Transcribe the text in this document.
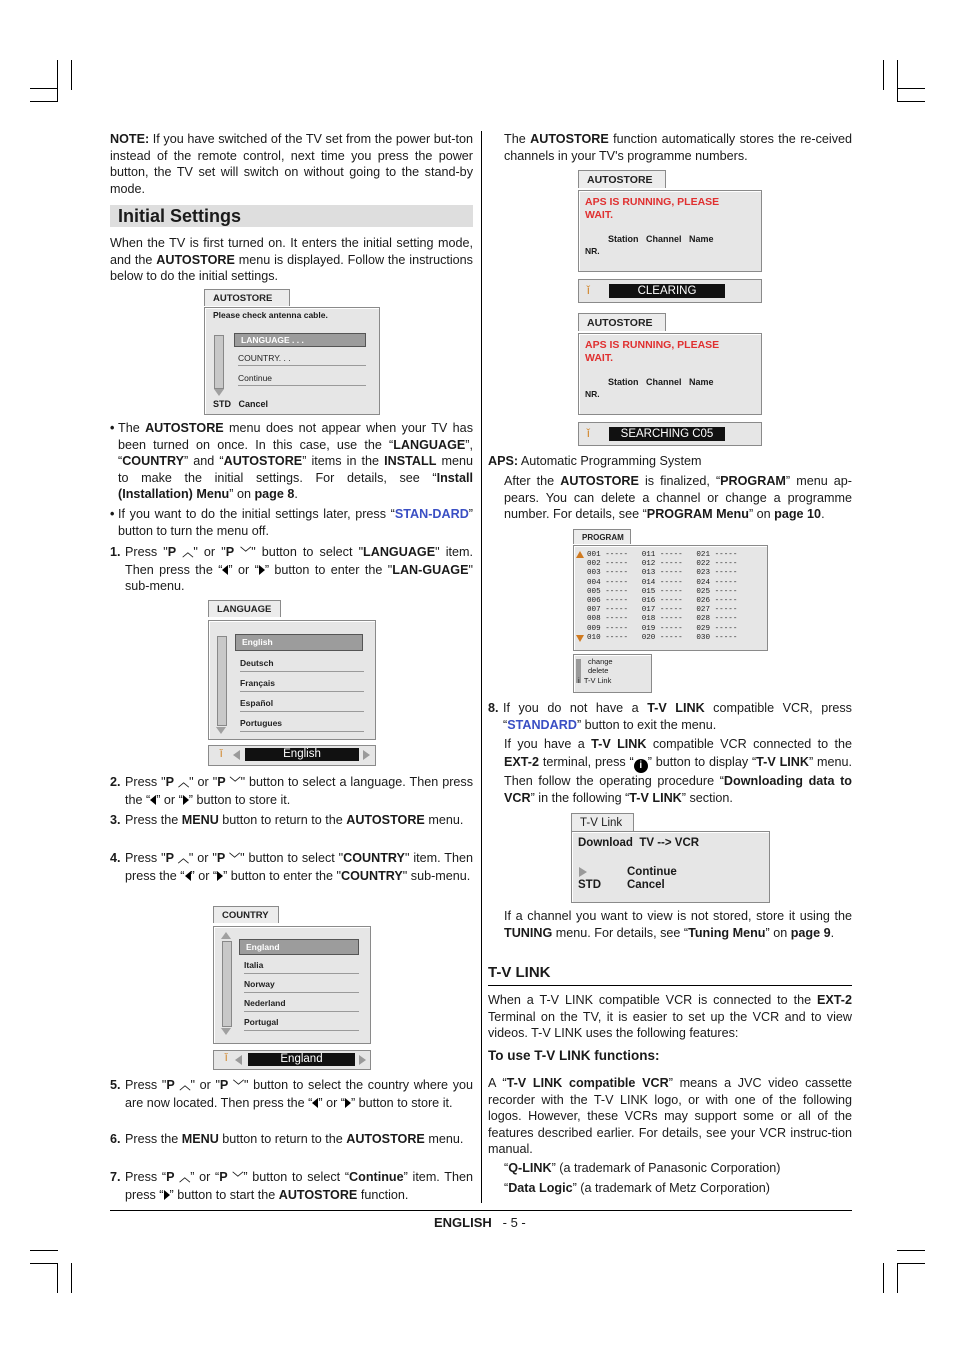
NOTE: If you have switched of the TV set from the power but-ton instead of the remote control, next time you press the power button, the TV set will switch on without going to the stand-by mode.
Initial Settings
When the TV is first turned on. It enters the initial setting mode, and the AUTOSTORE menu is displayed. Follow the instructions below to do the initial settings.
AUTOSTORE
Please check antenna cable.
LANGUAGE . . .
COUNTRY. . .
Continue
STD Cancel
• The AUTOSTORE menu does not appear when your TV has been turned on once. In this case, use the “LANGUAGE”, “COUNTRY” and “AUTOSTORE” items in the INSTALL menu to make the initial settings. For details, see “Install (Installation) Menu” on page 8.
• If you want to do the initial settings later, press “STAN-DARD” button to turn the menu off.
1. Press "P ︿" or "P ﹀" button to select "LANGUAGE" item. Then press the “ ” or “ ” button to enter the "LAN-GUAGE" sub-menu.
LANGUAGE
English
Deutsch
Français
Español
Portugues
ǐ	English
2. Press "P ︿" or "P ﹀" button to select a language. Then press the “ ” or “ ” button to store it.
3. Press the MENU button to return to the AUTOSTORE menu.
4. Press "P ︿" or "P ﹀" button to select "COUNTRY" item. Then press the “ ” or “ ” button to enter the "COUNTRY" sub-menu.
COUNTRY
England
Italia
Norway
Nederland
Portugal
ǐ	England
5. Press "P ︿" or "P ﹀" button to select the country where you are now located. Then press the “ ” or “ ” button to store it.
6. Press the MENU button to return to the AUTOSTORE menu.
7. Press “P ︿” or “P ﹀” button to select “Continue” item. Then press “ ” button to start the AUTOSTORE function.
The AUTOSTORE function automatically stores the re-ceived channels in your TV's programme numbers.
AUTOSTORE
APS IS RUNNING, PLEASE
WAIT.
Station Channel Name
NR.
ǐ	CLEARING
AUTOSTORE
APS IS RUNNING, PLEASE
WAIT.
Station Channel Name
NR.
ǐ	SEARCHING C05
APS: Automatic Programming System
After the AUTOSTORE is finalized, “PROGRAM” menu ap-pears. You can delete a channel or change a programme number. For details, see “PROGRAM Menu” on page 10.
PROGRAM
001 -----   011 -----   021 -----
002 -----   012 -----   022 -----
003 -----   013 -----   023 -----
004 -----   014 -----   024 -----
005 -----   015 -----   025 -----
006 -----   016 -----   026 -----
007 -----   017 -----   027 -----
008 -----   018 -----   028 -----
009 -----   019 -----   029 -----
010 -----   020 -----   030 -----
change
delete
i T-V Link
8. If you do not have a T-V LINK compatible VCR, press “STANDARD” button to exit the menu.
If you have a T-V LINK compatible VCR connected to the EXT-2 terminal, press “ i ” button to display “T-V LINK” menu. Then follow the operating procedure “Downloading data to VCR” in the following “T-V LINK” section.
T-V Link
Download  TV --> VCR
Continue
STD Cancel
If a channel you want to view is not stored, store it using the TUNING menu. For details, see “Tuning Menu” on page 9.
T-V LINK
When a T-V LINK compatible VCR is connected to the EXT-2 Terminal on the TV, it is easier to set up the VCR and to view videos. T-V LINK uses the following features:
To use T-V LINK functions:
A “T-V LINK compatible VCR” means a JVC video cassette recorder with the T-V LINK logo, or with one of the following logos. However, these VCRs may support some or all of the features described earlier. For details, see your VCR instruc-tion manual.
“Q-LINK” (a trademark of Panasonic Corporation)
“Data Logic” (a trademark of Metz Corporation)
ENGLISH - 5 -
